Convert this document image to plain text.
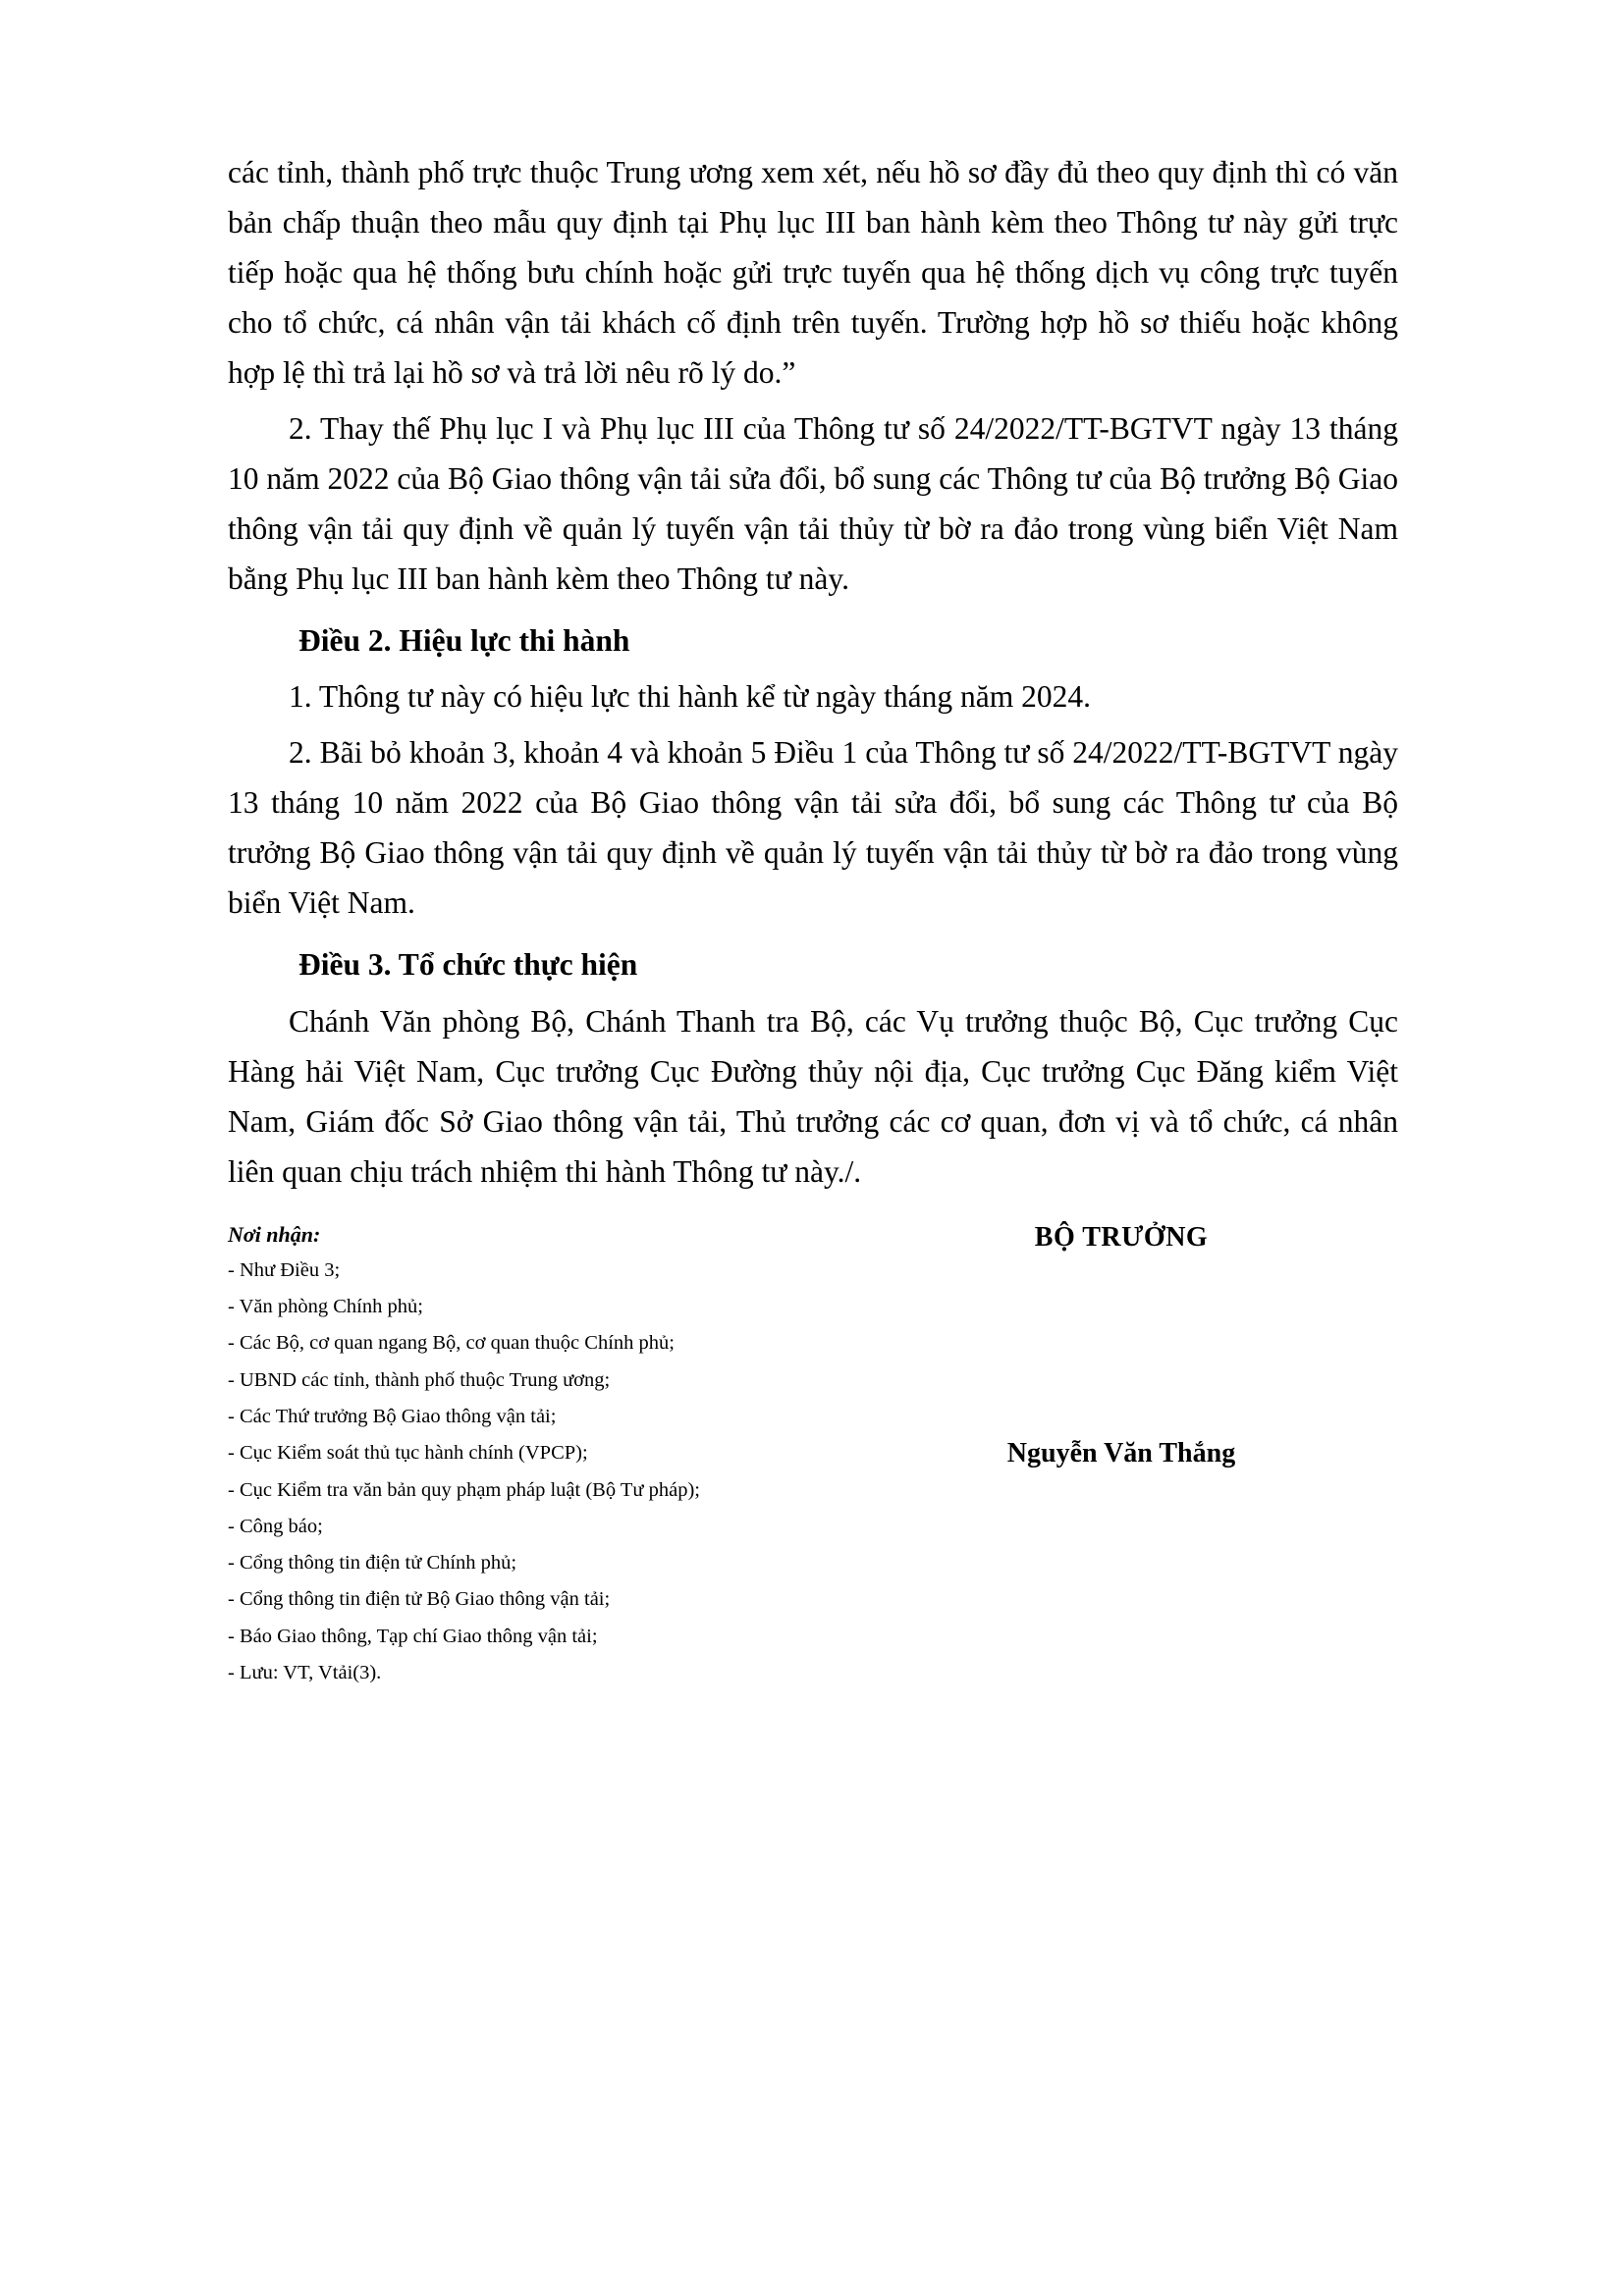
các tỉnh, thành phố trực thuộc Trung ương xem xét, nếu hồ sơ đầy đủ theo quy định thì có văn bản chấp thuận theo mẫu quy định tại Phụ lục III ban hành kèm theo Thông tư này gửi trực tiếp hoặc qua hệ thống bưu chính hoặc gửi trực tuyến qua hệ thống dịch vụ công trực tuyến cho tổ chức, cá nhân vận tải khách cố định trên tuyến. Trường hợp hồ sơ thiếu hoặc không hợp lệ thì trả lại hồ sơ và trả lời nêu rõ lý do.”

2. Thay thế Phụ lục I và Phụ lục III của Thông tư số 24/2022/TT-BGTVT ngày 13 tháng 10 năm 2022 của Bộ Giao thông vận tải sửa đổi, bổ sung các Thông tư của Bộ trưởng Bộ Giao thông vận tải quy định về quản lý tuyến vận tải thủy từ bờ ra đảo trong vùng biển Việt Nam bằng Phụ lục III ban hành kèm theo Thông tư này.

Điều 2. Hiệu lực thi hành

1. Thông tư này có hiệu lực thi hành kể từ ngày tháng năm 2024.

2. Bãi bỏ khoản 3, khoản 4 và khoản 5 Điều 1 của Thông tư số 24/2022/TT-BGTVT ngày 13 tháng 10 năm 2022 của Bộ Giao thông vận tải sửa đổi, bổ sung các Thông tư của Bộ trưởng Bộ Giao thông vận tải quy định về quản lý tuyến vận tải thủy từ bờ ra đảo trong vùng biển Việt Nam.

Điều 3. Tổ chức thực hiện

Chánh Văn phòng Bộ, Chánh Thanh tra Bộ, các Vụ trưởng thuộc Bộ, Cục trưởng Cục Hàng hải Việt Nam, Cục trưởng Cục Đường thủy nội địa, Cục trưởng Cục Đăng kiểm Việt Nam, Giám đốc Sở Giao thông vận tải, Thủ trưởng các cơ quan, đơn vị và tổ chức, cá nhân liên quan chịu trách nhiệm thi hành Thông tư này./.

Nơi nhận:
- Như Điều 3;
- Văn phòng Chính phủ;
- Các Bộ, cơ quan ngang Bộ, cơ quan thuộc Chính phủ;
- UBND các tỉnh, thành phố thuộc Trung ương;
- Các Thứ trưởng Bộ Giao thông vận tải;
- Cục Kiểm soát thủ tục hành chính (VPCP);
- Cục Kiểm tra văn bản quy phạm pháp luật (Bộ Tư pháp);
- Công báo;
- Cổng thông tin điện tử Chính phủ;
- Cổng thông tin điện tử Bộ Giao thông vận tải;
- Báo Giao thông, Tạp chí Giao thông vận tải;
- Lưu: VT, Vtải(3).
BỘ TRƯỞNG
Nguyễn Văn Thắng
